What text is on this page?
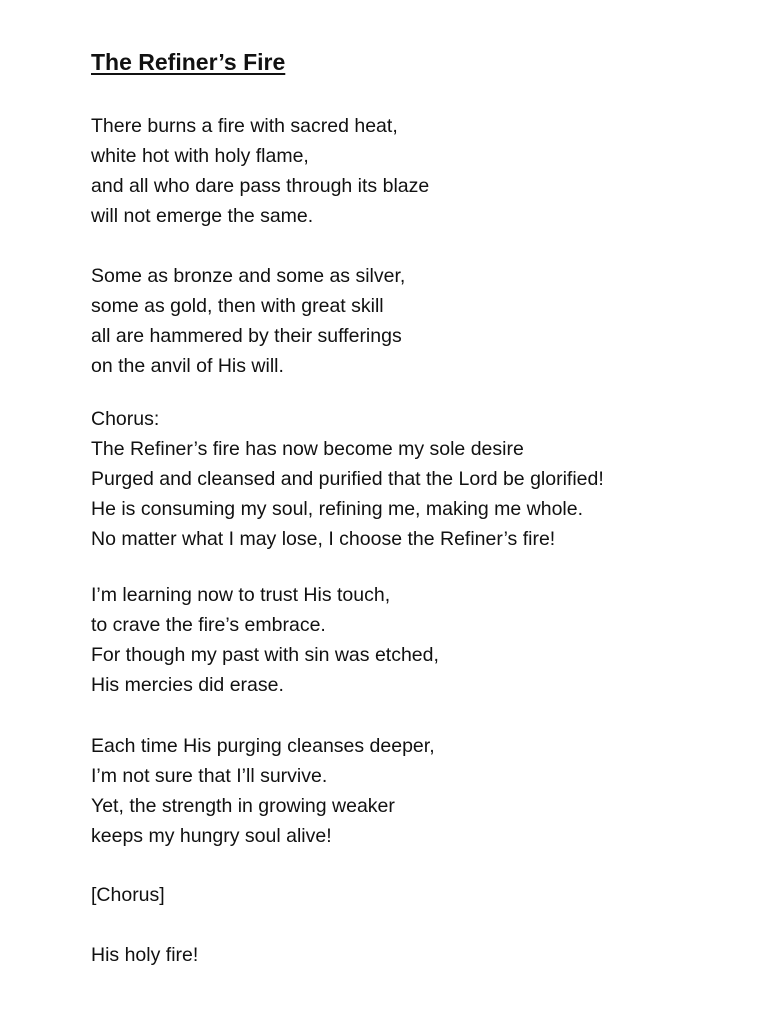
The Refiner’s Fire
There burns a fire with sacred heat,
white hot with holy flame,
and all who dare pass through its blaze
will not emerge the same.
Some as bronze and some as silver,
some as gold, then with great skill
all are hammered by their sufferings
on the anvil of His will.
Chorus:
The Refiner’s fire has now become my sole desire
Purged and cleansed and purified that the Lord be glorified!
He is consuming my soul, refining me, making me whole.
No matter what I may lose, I choose the Refiner’s fire!
I’m learning now to trust His touch,
to crave the fire’s embrace.
For though my past with sin was etched,
His mercies did erase.
Each time His purging cleanses deeper,
I’m not sure that I’ll survive.
Yet, the strength in growing weaker
keeps my hungry soul alive!
[Chorus]
His holy fire!
